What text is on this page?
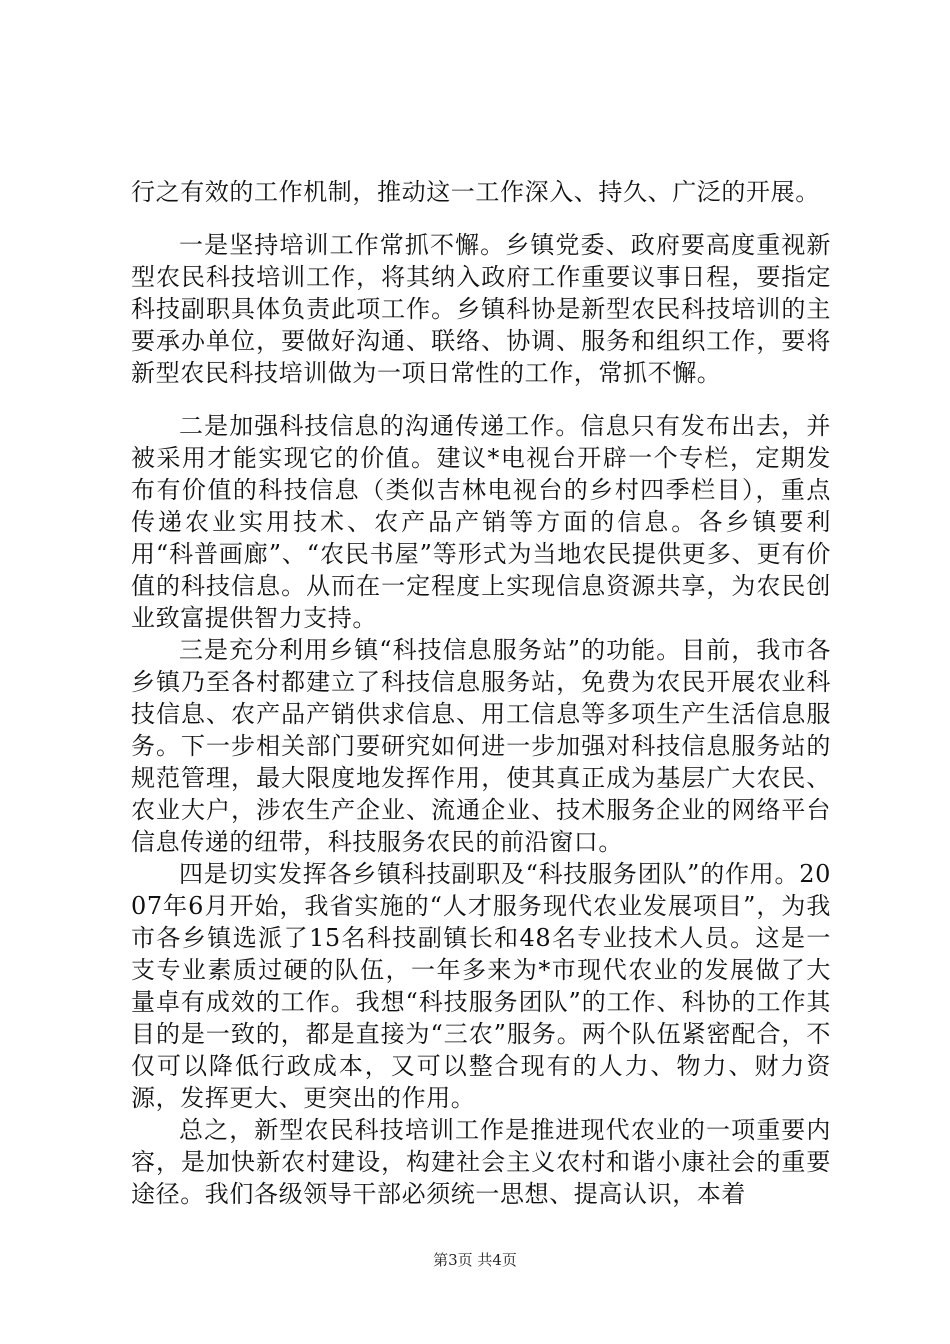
行之有效的工作机制，推动这一工作深入、持久、广泛的开展。

一是坚持培训工作常抓不懈。乡镇党委、政府要高度重视新型农民科技培训工作，将其纳入政府工作重要议事日程，要指定科技副职具体负责此项工作。乡镇科协是新型农民科技培训的主要承办单位，要做好沟通、联络、协调、服务和组织工作，要将新型农民科技培训做为一项日常性的工作，常抓不懈。

二是加强科技信息的沟通传递工作。信息只有发布出去，并被采用才能实现它的价值。建议*电视台开辟一个专栏，定期发布有价值的科技信息（类似吉林电视台的乡村四季栏目），重点传递农业实用技术、农产品产销等方面的信息。各乡镇要利用“科普画廊”、“农民书屋”等形式为当地农民提供更多、更有价值的科技信息。从而在一定程度上实现信息资源共享，为农民创业致富提供智力支持。

三是充分利用乡镇“科技信息服务站”的功能。目前，我市各乡镇乃至各村都建立了科技信息服务站，免费为农民开展农业科技信息、农产品产销供求信息、用工信息等多项生产生活信息服务。下一步相关部门要研究如何进一步加强对科技信息服务站的规范管理，最大限度地发挥作用，使其真正成为基层广大农民、农业大户，涉农生产企业、流通企业、技术服务企业的网络平台信息传递的纽带，科技服务农民的前沿窗口。

四是切实发挥各乡镇科技副职及“科技服务团队”的作用。2007年6月开始，我省实施的“人才服务现代农业发展项目”，为我市各乡镇选派了15名科技副镇长和48名专业技术人员。这是一支专业素质过硬的队伍，一年多来为*市现代农业的发展做了大量卓有成效的工作。我想“科技服务团队”的工作、科协的工作其目的是一致的，都是直接为“三农”服务。两个队伍紧密配合，不仅可以降低行政成本，又可以整合现有的人力、物力、财力资源，发挥更大、更突出的作用。

总之，新型农民科技培训工作是推进现代农业的一项重要内容，是加快新农村建设，构建社会主义农村和谐小康社会的重要途径。我们各级领导干部必须统一思想、提高认识，本着

第3页 共4页
